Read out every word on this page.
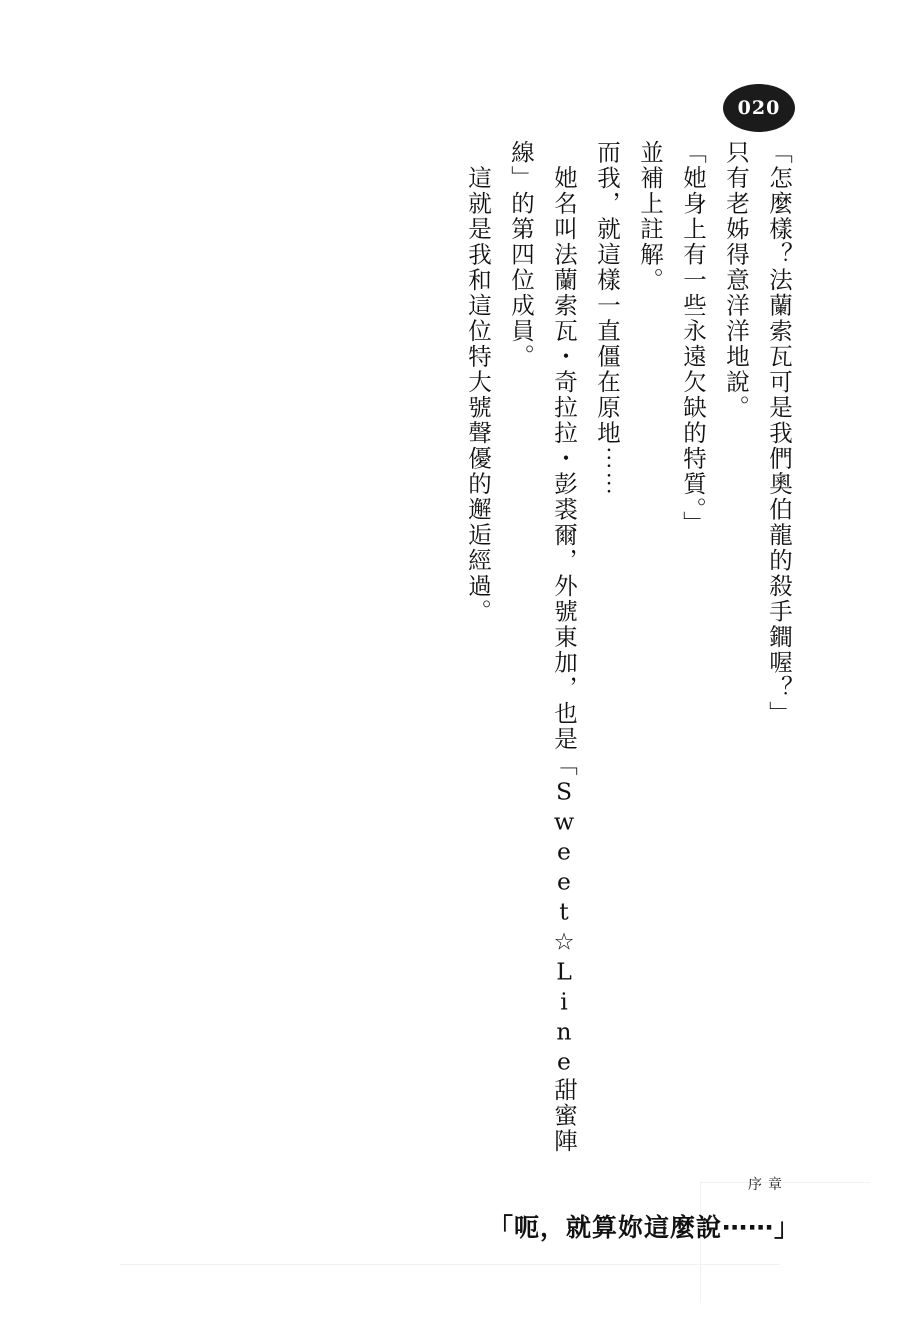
020

「怎麼樣？法蘭索瓦可是我們奧伯龍的殺手鐧喔？」

只有老姊得意洋洋地說。

「她身上有一些永遠欠缺的特質。」

並補上註解。

而我，就這樣一直僵在原地⋯⋯

　她名叫法蘭索瓦・奇拉拉・彭裘爾，外號東加，也是「Sweet☆Line甜蜜陣線」的第四位成員。

　這就是我和這位特大號聲優的邂逅經過。

序章
「呃，就算妳這麼說⋯⋯」
